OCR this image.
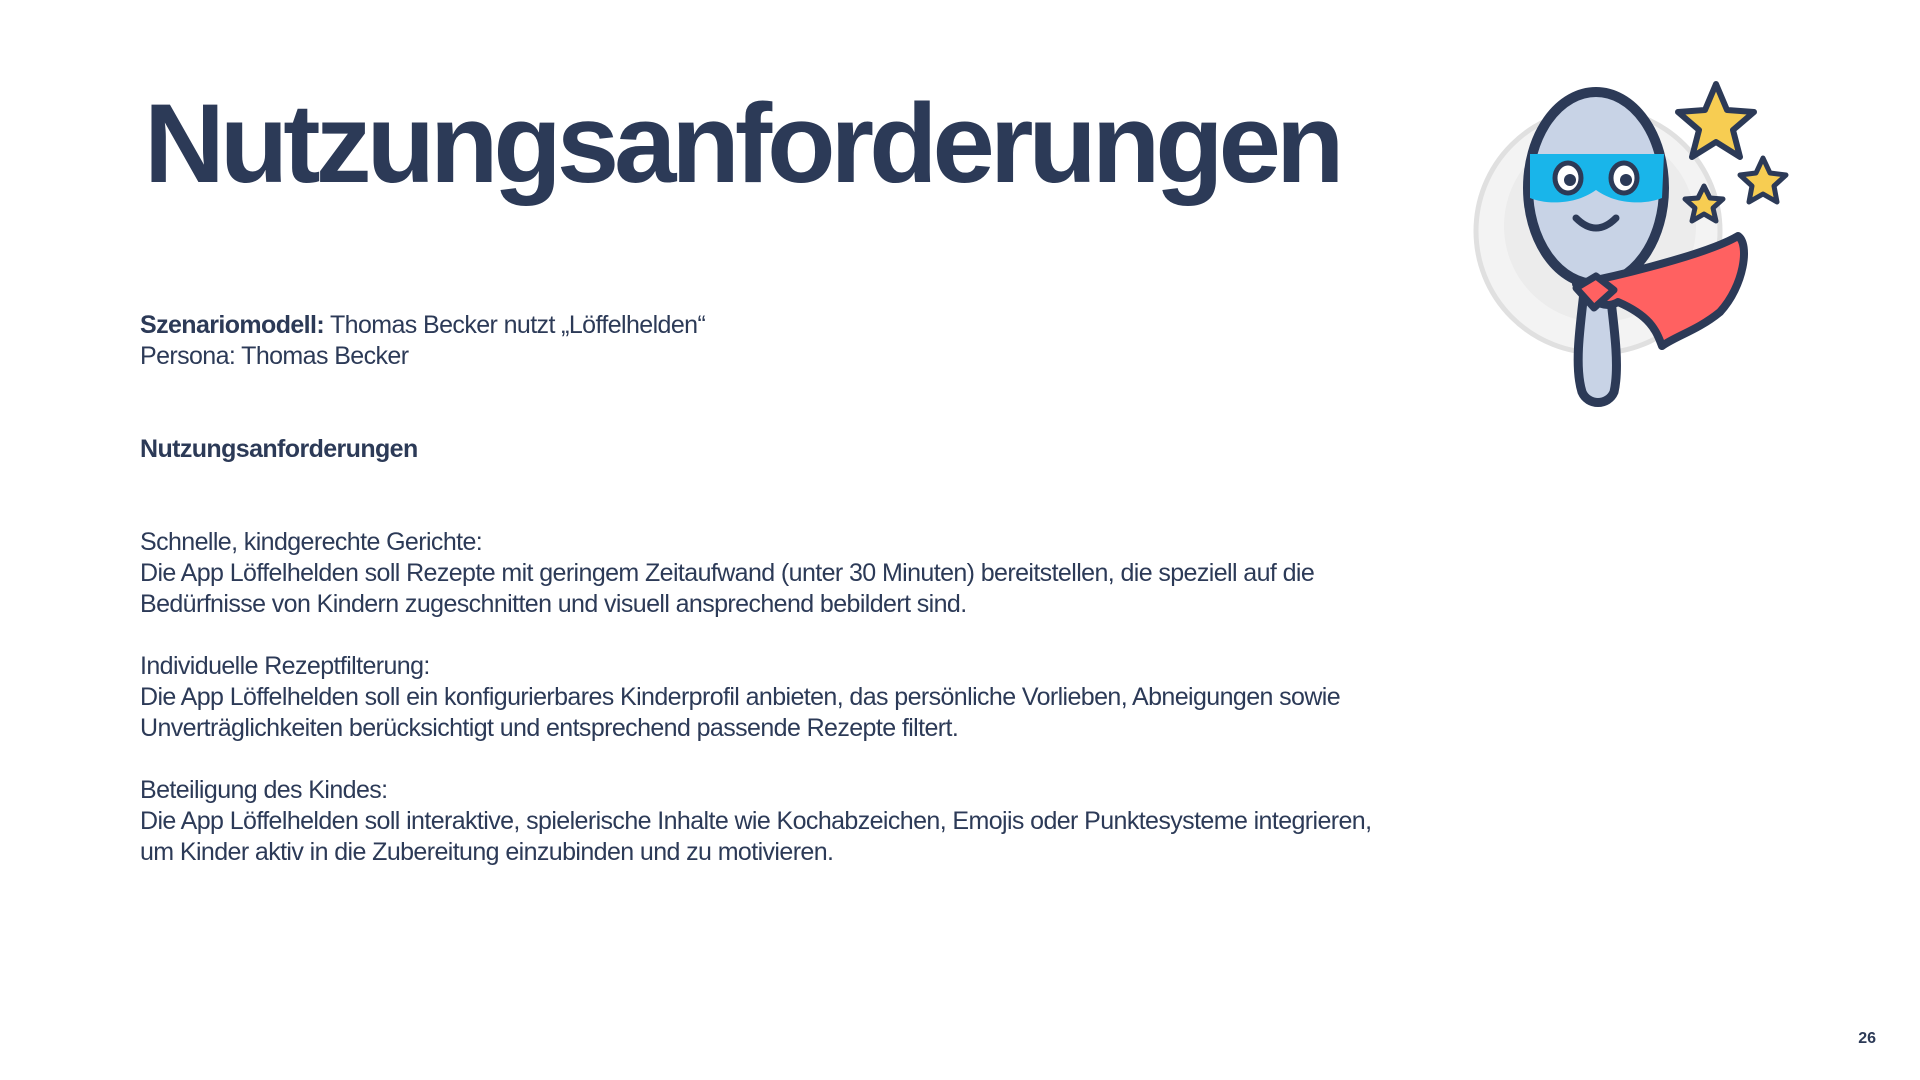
Nutzungsanforderungen

Szenariomodell: Thomas Becker nutzt „Löffelhelden“

Persona: Thomas Becker

Nutzungsanforderungen

Schnelle, kindgerechte Gerichte:

Die App Löffelhelden soll Rezepte mit geringem Zeitaufwand (unter 30 Minuten) bereitstellen, die speziell auf die Bedürfnisse von Kindern zugeschnitten und visuell ansprechend bebildert sind.

Individuelle Rezeptfilterung:

Die App Löffelhelden soll ein konfigurierbares Kinderprofil anbieten, das persönliche Vorlieben, Abneigungen sowie Unverträglichkeiten berücksichtigt und entsprechend passende Rezepte filtert.

Beteiligung des Kindes:

Die App Löffelhelden soll interaktive, spielerische Inhalte wie Kochabzeichen, Emojis oder Punktesysteme integrieren, um Kinder aktiv in die Zubereitung einzubinden und zu motivieren.

26
